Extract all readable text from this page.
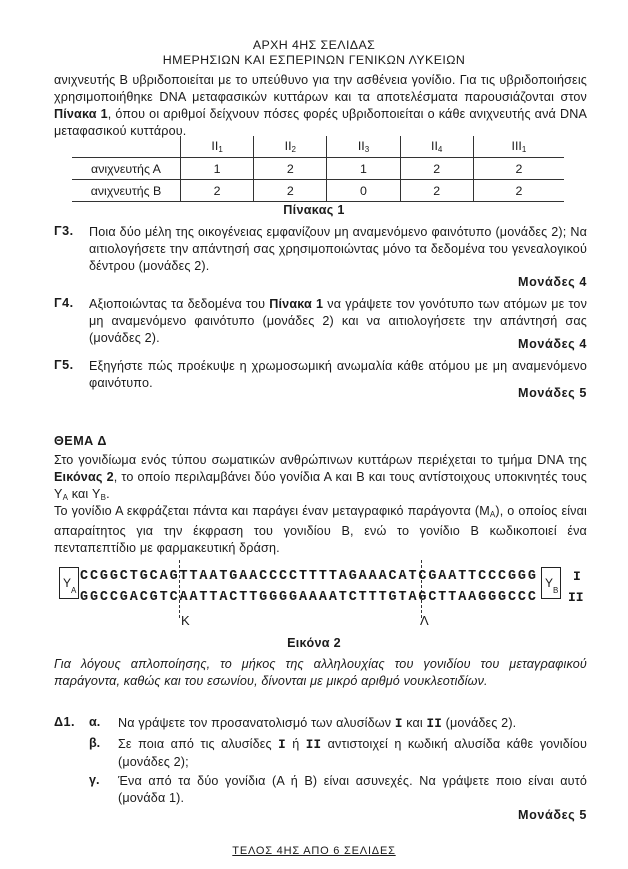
ΑΡΧΗ 4ΗΣ ΣΕΛΙΔΑΣ
ΗΜΕΡΗΣΙΩΝ ΚΑΙ ΕΣΠΕΡΙΝΩΝ ΓΕΝΙΚΩΝ ΛΥΚΕΙΩΝ
ανιχνευτής Β υβριδοποιείται με το υπεύθυνο για την ασθένεια γονίδιο. Για τις υβριδοποιήσεις χρησιμοποιήθηκε DNA μεταφασικών κυττάρων και τα αποτελέσματα παρουσιάζονται στον Πίνακα 1, όπου οι αριθμοί δείχνουν πόσες φορές υβριδοποιείται ο κάθε ανιχνευτής ανά DNA μεταφασικού κυττάρου.
	$II_1$	$II_2$	$II_3$	$II_4$	$III_1$
ανιχνευτής Α	1	2	1	2	2
ανιχνευτής Β	2	2	0	2	2
Πίνακας 1
Γ3. Ποια δύο μέλη της οικογένειας εμφανίζουν μη αναμενόμενο φαινότυπο (μονάδες 2); Να αιτιολογήσετε την απάντησή σας χρησιμοποιώντας μόνο τα δεδομένα του γενεαλογικού δέντρου (μονάδες 2).
Μονάδες 4
Γ4. Αξιοποιώντας τα δεδομένα του Πίνακα 1 να γράψετε τον γονότυπο των ατόμων με τον μη αναμενόμενο φαινότυπο (μονάδες 2) και να αιτιολογήσετε την απάντησή σας (μονάδες 2).	Μονάδες 4
Γ5. Εξηγήστε πώς προέκυψε η χρωμοσωμική ανωμαλία κάθε ατόμου με μη αναμενόμενο φαινότυπο.
Μονάδες 5
ΘΕΜΑ Δ
Στο γονιδίωμα ενός τύπου σωματικών ανθρώπινων κυττάρων περιέχεται το τμήμα DNA της Εικόνας 2, το οποίο περιλαμβάνει δύο γονίδια Α και Β και τους αντίστοιχους υποκινητές τους $Y_A$ και $Y_B$.
Το γονίδιο Α εκφράζεται πάντα και παράγει έναν μεταγραφικό παράγοντα $(M_A)$, ο οποίος είναι απαραίτητος για την έκφραση του γονιδίου Β, ενώ το γονίδιο Β κωδικοποιεί ένα πενταπεπτίδιο με φαρμακευτική δράση.
Y
A
CCGGCTGCAGTTAATGAACCCCTTTTAGAAACATCGAATTCCCGGG
GGCCGACGTCAATTACTTGGGGAAAATCTTTGTAGCTTAAGGGCCC
Y
B
I
II
Κ	Λ
Εικόνα 2
Για λόγους απλοποίησης, το μήκος της αλληλουχίας του γονιδίου του μεταγραφικού παράγοντα, καθώς και του εσωνίου, δίνονται με μικρό αριθμό νουκλεοτιδίων.
Δ1. α. Να γράψετε τον προσανατολισμό των αλυσίδων I και II (μονάδες 2).
β. Σε ποια από τις αλυσίδες I ή II αντιστοιχεί η κωδική αλυσίδα κάθε γονιδίου (μονάδες 2);
γ. Ένα από τα δύο γονίδια (Α ή Β) είναι ασυνεχές. Να γράψετε ποιο είναι αυτό (μονάδα 1).
Μονάδες 5
ΤΕΛΟΣ 4ΗΣ ΑΠΟ 6 ΣΕΛΙΔΕΣ
